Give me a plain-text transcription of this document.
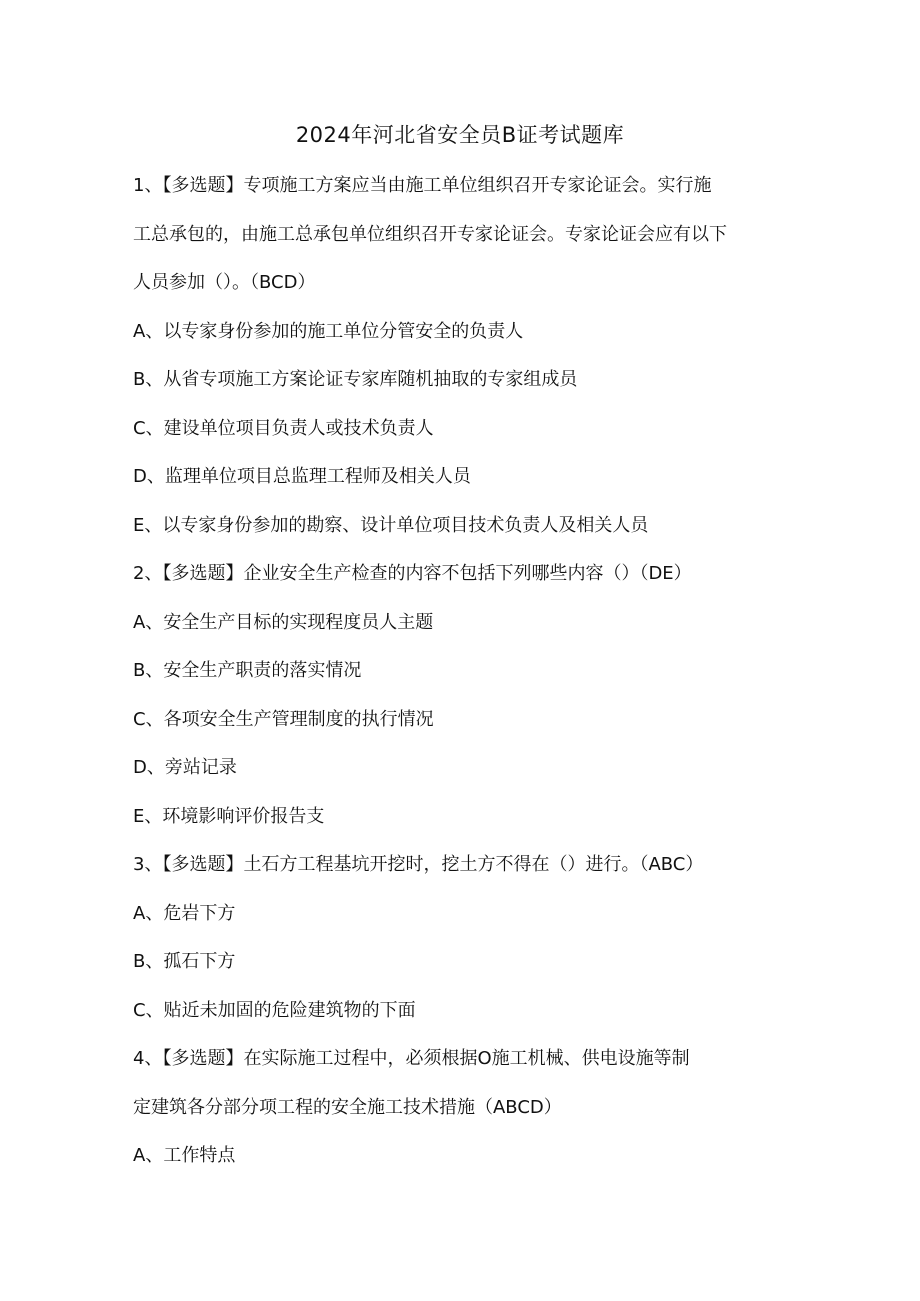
2024年河北省安全员B证考试题库
1、【多选题】专项施工方案应当由施工单位组织召开专家论证会。实行施
工总承包的，由施工总承包单位组织召开专家论证会。专家论证会应有以下
人员参加（）。（BCD）
A、以专家身份参加的施工单位分管安全的负责人
B、从省专项施工方案论证专家库随机抽取的专家组成员
C、建设单位项目负责人或技术负责人
D、监理单位项目总监理工程师及相关人员
E、以专家身份参加的勘察、设计单位项目技术负责人及相关人员
2、【多选题】企业安全生产检查的内容不包括下列哪些内容（）（DE）
A、安全生产目标的实现程度员人主题
B、安全生产职责的落实情况
C、各项安全生产管理制度的执行情况
D、旁站记录
E、环境影响评价报告支
3、【多选题】土石方工程基坑开挖时，挖土方不得在（）进行。（ABC）
A、危岩下方
B、孤石下方
C、贴近未加固的危险建筑物的下面
4、【多选题】在实际施工过程中，必须根据O施工机械、供电设施等制
定建筑各分部分项工程的安全施工技术措施（ABCD）
A、工作特点
